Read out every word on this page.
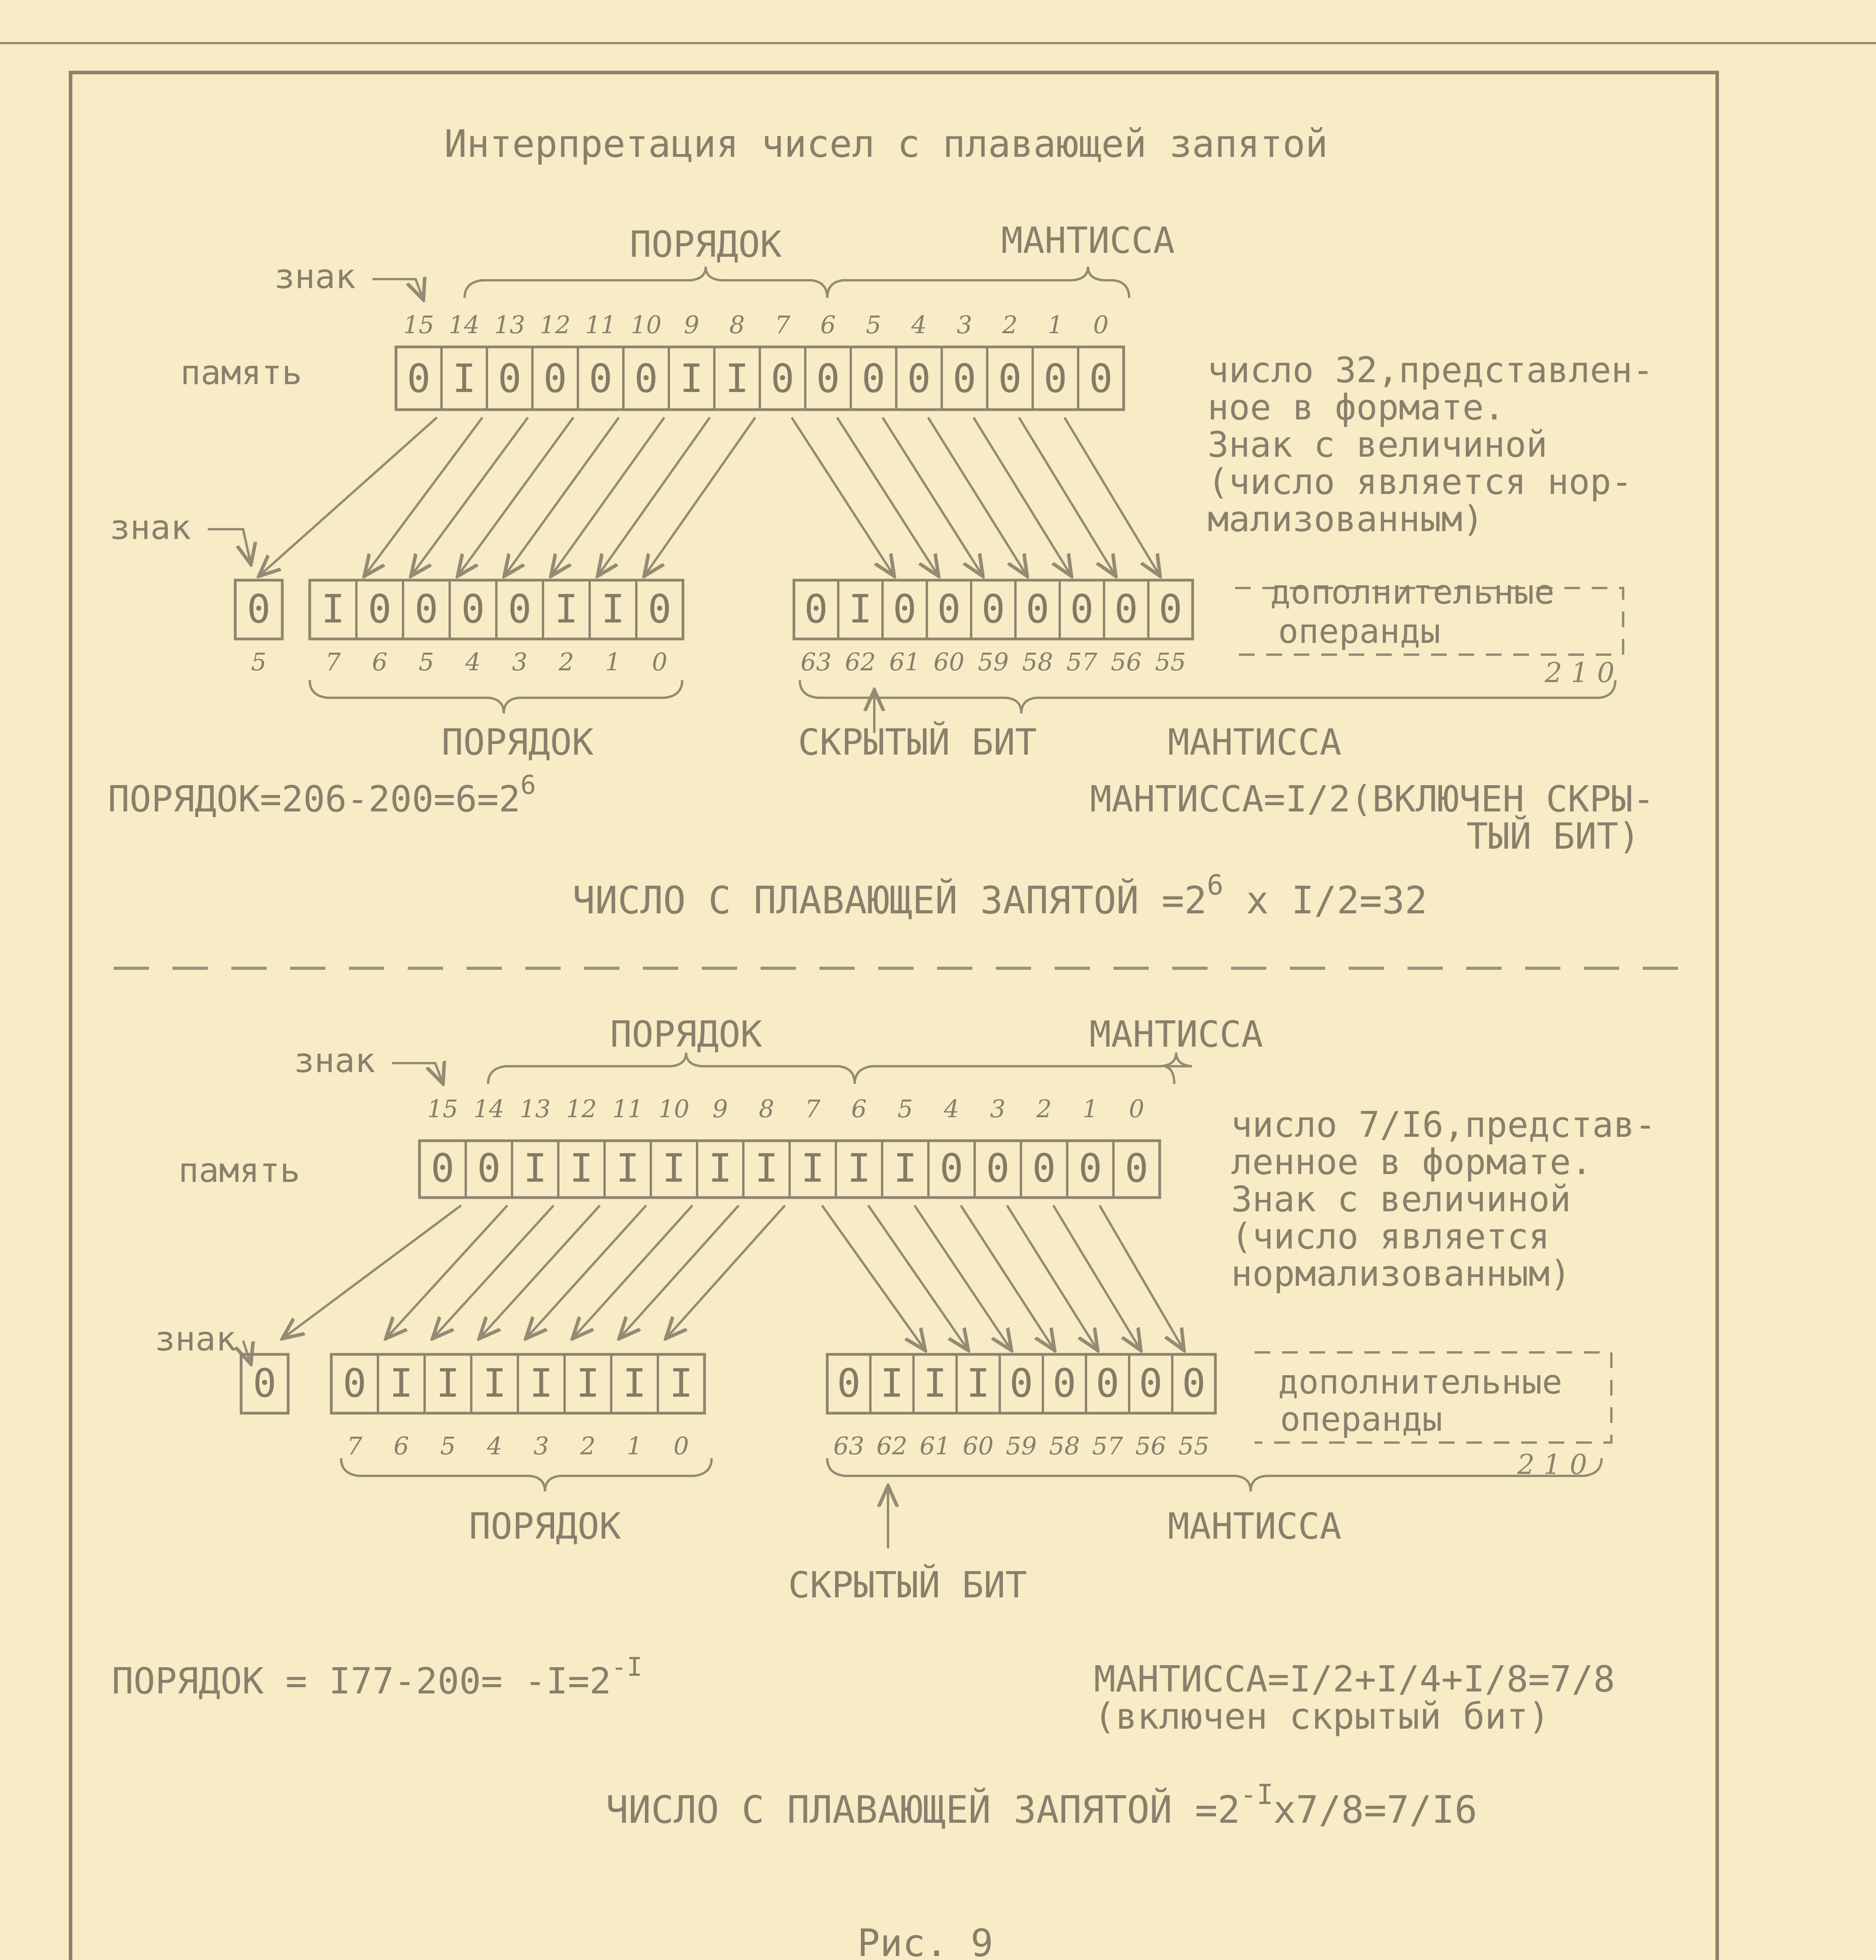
Интерпретация чисел с плавающей запятой
знак
ПОРЯДОК	МАНТИССА
память
15 14 13 12 11 10 9 8 7 6 5 4 3 2 1 0
0 I 0 0 0 0 I I 0 0 0 0 0 0 0 0	число 32,представлен-
ное в формате.
Знак с величиной
(число является нор-
мализованным)
знак
0 I 0 0 0 0 I I 0	0 I 0 0 0 0 0 0 0
5 7 6 5 4 3 2 1 0	63 62 61 60 59 58 57 56 55
дополнительные
операнды
2 1 0
ПОРЯДОК	СКРЫТЫЙ БИТ	МАНТИССА
$ПОРЯДОК=206-200=6=2^6$	МАНТИССА=I/2(ВКЛЮЧЕН СКРЫ-
ТЫЙ БИТ)
ЧИСЛО С ПЛАВАЮЩЕЙ ЗАПЯТОЙ $=2^6$ x I/2=32
знак
ПОРЯДОК	МАНТИССА
память
15 14 13 12 11 10 9 8 7 6 5 4 3 2 1 0
0 0 I I I I I I I I I 0 0 0 0 0
число 7/I6,представ-
ленное в формате.
Знак с величиной
(число является
нормализованным)
знак
0 0 I I I I I I I	0 I I I 0 0 0 0 0
7 6 5 4 3 2 1 0	63 62 61 60 59 58 57 56 55
дополнительные
операнды
2 1 0
ПОРЯДОК	МАНТИССА
СКРЫТЫЙ БИТ
ПОРЯДОК = $I77-200= -I=2^{-I}$	МАНТИССА=I/2+I/4+I/8=7/8
(включен скрытый бит)
ЧИСЛО С ПЛАВАЮЩЕЙ ЗАПЯТОЙ $=2^{-I}x7/8=7/I6$
Рис. 9
